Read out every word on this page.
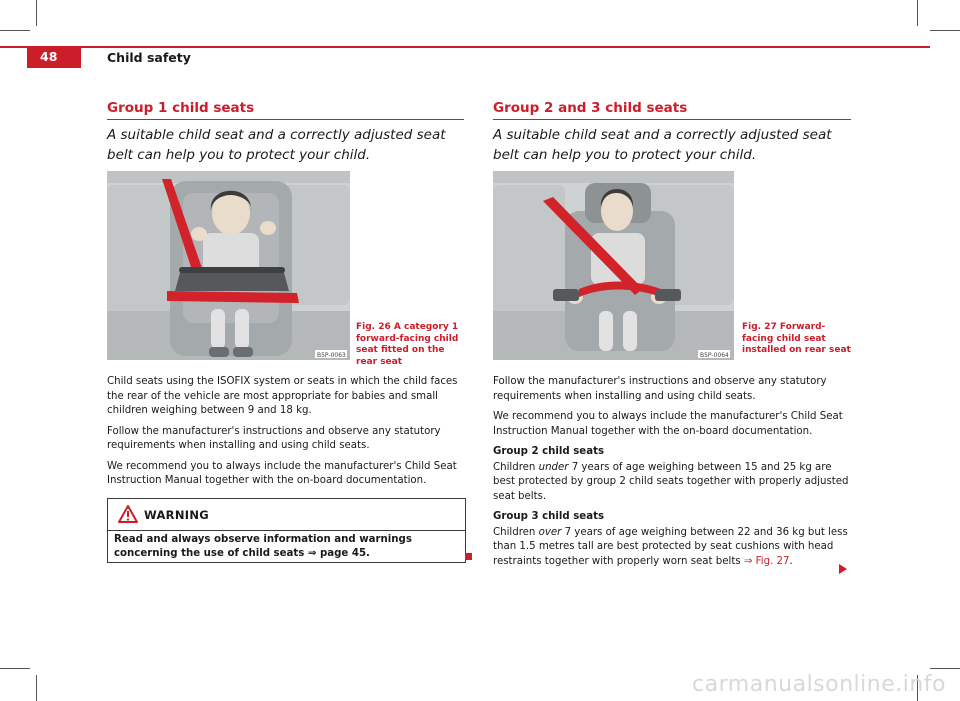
48	Child safety
Group 1 child seats
A suitable child seat and a correctly adjusted seat belt can help you to protect your child.
B5P-0063
Fig. 26 A category 1 forward-facing child seat fitted on the rear seat

Child seats using the ISOFIX system or seats in which the child faces the rear of the vehicle are most appropriate for babies and small children weighing between 9 and 18 kg.

Follow the manufacturer's instructions and observe any statutory requirements when installing and using child seats.

We recommend you to always include the manufacturer's Child Seat Instruction Manual together with the on-board documentation.

WARNING
Read and always observe information and warnings concerning the use of child seats ⇒ page 45.
Group 2 and 3 child seats
A suitable child seat and a correctly adjusted seat belt can help you to protect your child.
B5P-0064
Fig. 27 Forward-facing child seat installed on rear seat

Follow the manufacturer's instructions and observe any statutory requirements when installing and using child seats.

We recommend you to always include the manufacturer's Child Seat Instruction Manual together with the on-board documentation.

Group 2 child seats

Children under 7 years of age weighing between 15 and 25 kg are best protected by group 2 child seats together with properly adjusted seat belts.

Group 3 child seats

Children over 7 years of age weighing between 22 and 36 kg but less than 1.5 metres tall are best protected by seat cushions with head restraints together with properly worn seat belts ⇒ Fig. 27.

carmanualsonline.info
